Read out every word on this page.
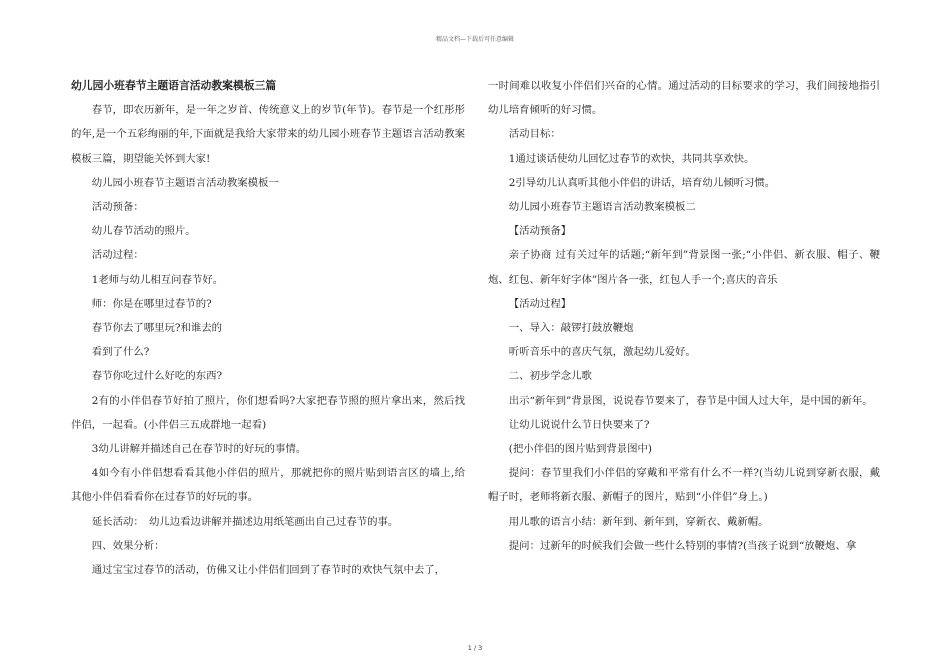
精品文档—下载后可任意编辑

幼儿园小班春节主题语言活动教案模板三篇

春节，即农历新年，是一年之岁首、传统意义上的岁节(年节)。春节是一个红彤彤的年,是一个五彩绚丽的年,下面就是我给大家带来的幼儿园小班春节主题语言活动教案模板三篇，期望能关怀到大家!

幼儿园小班春节主题语言活动教案模板一

活动预备：

幼儿春节活动的照片。

活动过程：

1老师与幼儿相互问春节好。

师：你是在哪里过春节的?

春节你去了哪里玩?和谁去的

看到了什么?

春节你吃过什么好吃的东西?

2有的小伴侣春节好拍了照片，你们想看吗?大家把春节照的照片拿出来，然后找伴侣，一起看。(小伴侣三五成群地一起看)

3幼儿讲解并描述自己在春节时的好玩的事情。

4如今有小伴侣想看看其他小伴侣的照片，那就把你的照片贴到语言区的墙上,给其他小伴侣看看你在过春节的好玩的事。

延长活动：　幼儿边看边讲解并描述边用纸笔画出自己过春节的事。

四、效果分析：

通过宝宝过春节的活动，仿佛又让小伴侣们回到了春节时的欢快气氛中去了，

一时间难以收复小伴侣们兴奋的心情。通过活动的目标要求的学习，我们间接地指引幼儿培育倾听的好习惯。

活动目标：

1通过谈话使幼儿回忆过春节的欢快，共同共享欢快。

2引导幼儿认真听其他小伴侣的讲话，培育幼儿倾听习惯。

幼儿园小班春节主题语言活动教案模板二

【活动预备】

亲子协商 过有关过年的话题;“新年到”背景图一张;“小伴侣、新衣服、帽子、鞭炮、红包、新年好字体”图片各一张，红包人手一个;喜庆的音乐

【活动过程】

一、导入：敲锣打鼓放鞭炮

听听音乐中的喜庆气氛，激起幼儿爱好。

二、初步学念儿歌

出示“新年到”背景图，说说春节要来了，春节是中国人过大年，是中国的新年。

让幼儿说说什么节日快要来了?

(把小伴侣的图片贴到背景图中)

提问：春节里我们小伴侣的穿戴和平常有什么不一样?(当幼儿说到穿新衣服，戴帽子时，老师将新衣服、新帽子的图片，贴到“小伴侣”身上。)

用儿歌的语言小结：新年到、新年到，穿新衣、戴新帽。

提问：过新年的时候我们会做一些什么特别的事情?(当孩子说到“放鞭炮、拿

1 / 3
